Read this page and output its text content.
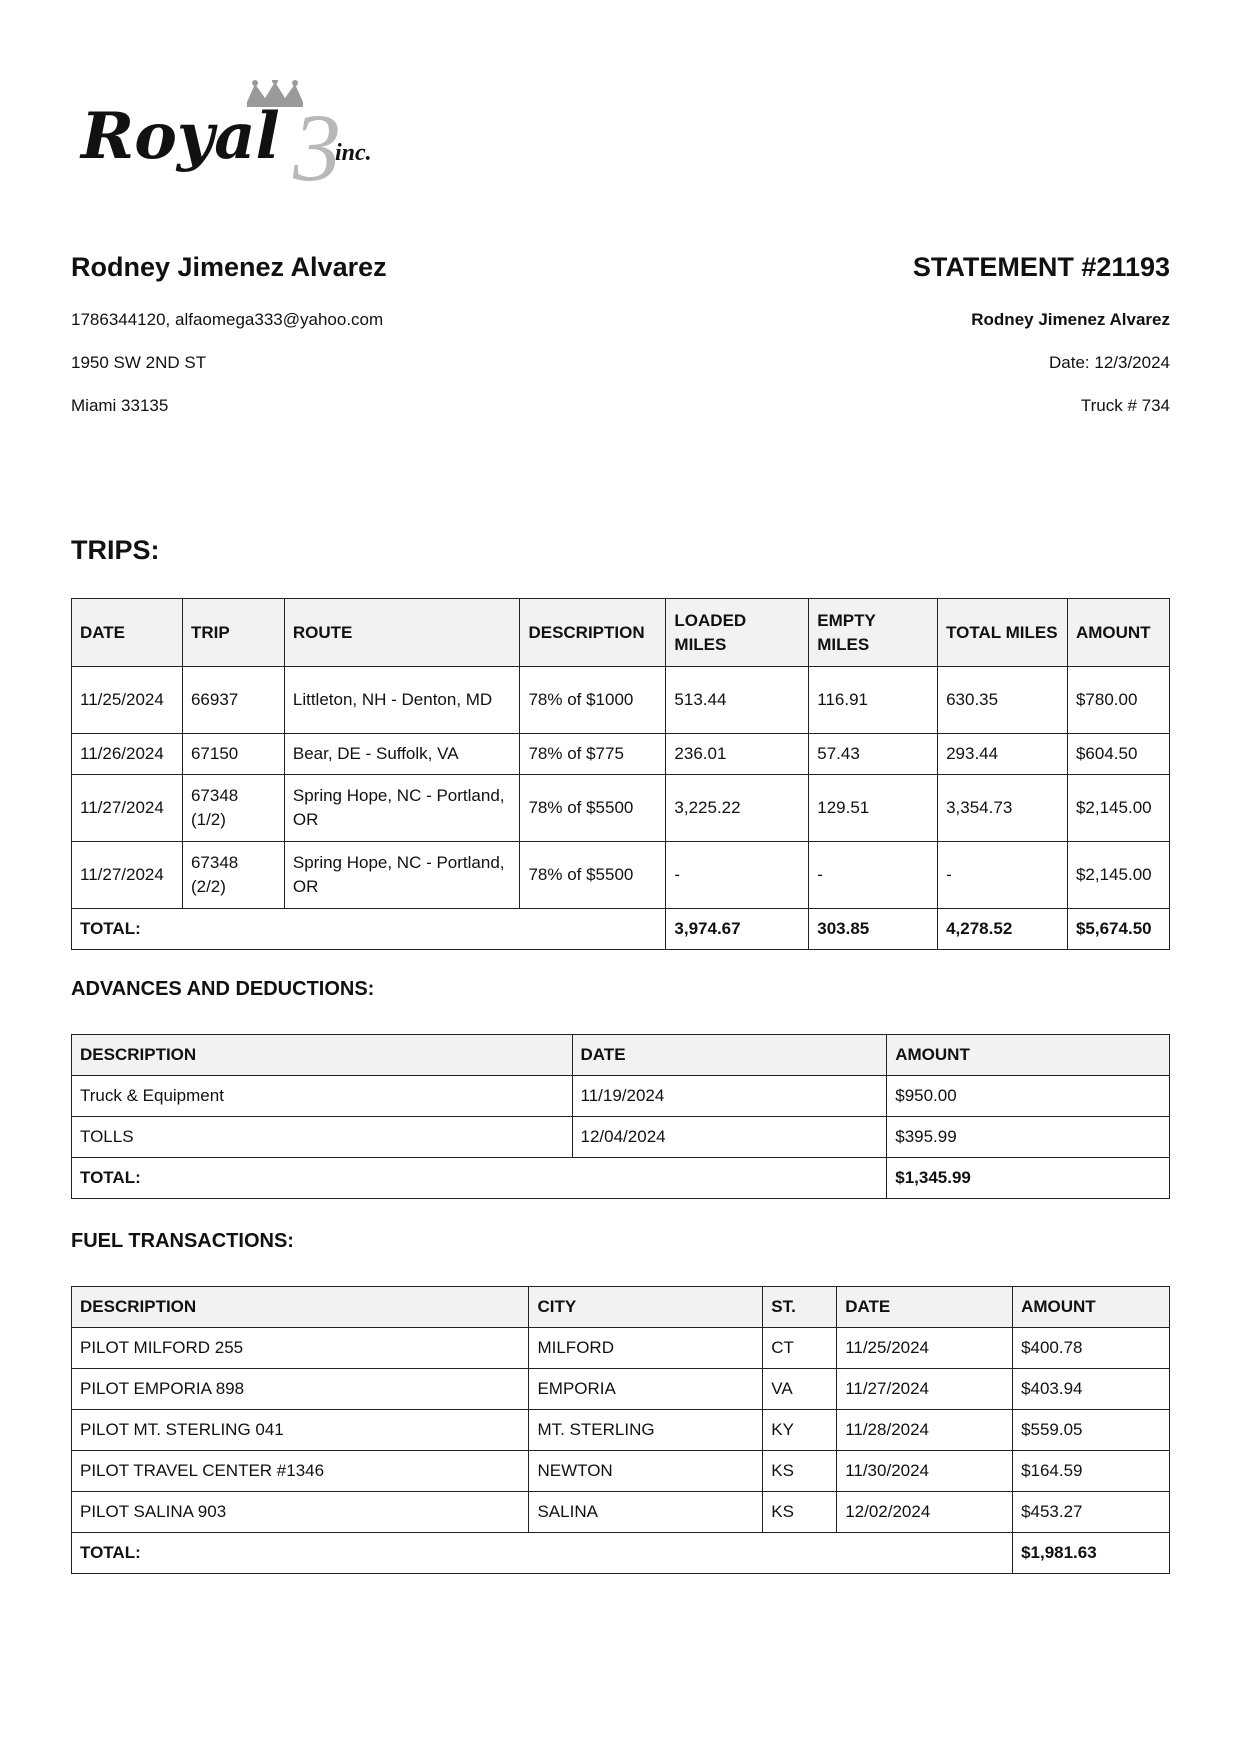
3
Royal inc.

Rodney Jimenez Alvarez

1786344120, alfaomega333@yahoo.com
1950 SW 2ND ST
Miami 33135

STATEMENT #21193

Rodney Jimenez Alvarez
Date: 12/3/2024
Truck # 734

TRIPS:

DATE	TRIP	ROUTE	DESCRIPTION	LOADED MILES	EMPTY MILES	TOTAL MILES	AMOUNT
11/25/2024	66937	Littleton, NH - Denton, MD	78% of $1000	513.44	116.91	630.35	$780.00
11/26/2024	67150	Bear, DE - Suffolk, VA	78% of $775	236.01	57.43	293.44	$604.50
11/27/2024	67348 (1/2)	Spring Hope, NC - Portland, OR	78% of $5500	3,225.22	129.51	3,354.73	$2,145.00
11/27/2024	67348 (2/2)	Spring Hope, NC - Portland, OR	78% of $5500	-	-	-	$2,145.00
TOTAL:				3,974.67	303.85	4,278.52	$5,674.50

ADVANCES AND DEDUCTIONS:

DESCRIPTION	DATE	AMOUNT
Truck & Equipment	11/19/2024	$950.00
TOLLS	12/04/2024	$395.99
TOTAL:		$1,345.99

FUEL TRANSACTIONS:

DESCRIPTION	CITY	ST.	DATE	AMOUNT
PILOT MILFORD 255	MILFORD	CT	11/25/2024	$400.78
PILOT EMPORIA 898	EMPORIA	VA	11/27/2024	$403.94
PILOT MT. STERLING 041	MT. STERLING	KY	11/28/2024	$559.05
PILOT TRAVEL CENTER #1346	NEWTON	KS	11/30/2024	$164.59
PILOT SALINA 903	SALINA	KS	12/02/2024	$453.27
TOTAL:				$1,981.63
